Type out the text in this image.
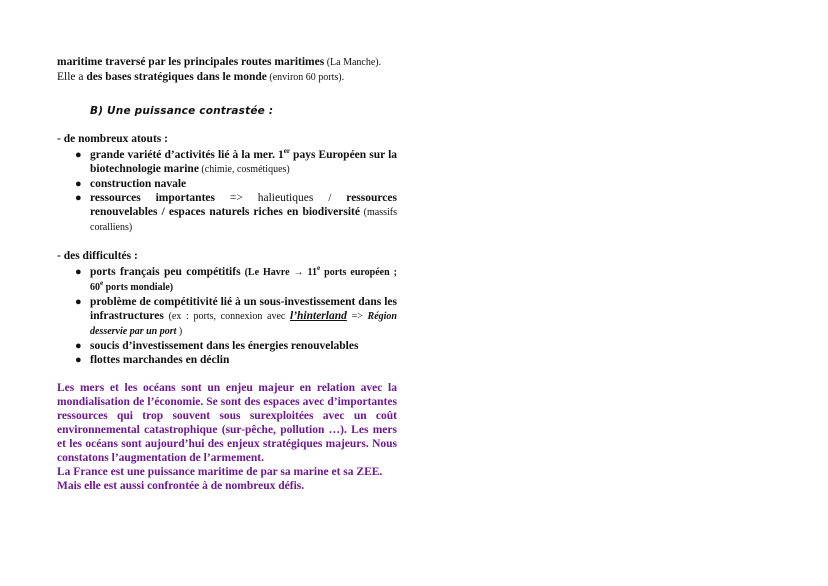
maritime traversé par les principales routes maritimes (La Manche).

Elle a des bases stratégiques dans le monde (environ 60 ports).

B) Une puissance contrastée :

- de nombreux atouts :

● grande variété d’activités lié à la mer. 1er pays Européen sur la biotechnologie marine (chimie, cosmétiques)
● construction navale
● ressources importantes => halieutiques / ressources renouvelables / espaces naturels riches en biodiversité (massifs coralliens)

- des difficultés :

● ports français peu compétitifs (Le Havre → $11^e$ ports européen ; 60e ports mondiale)
● problème de compétitivité lié à un sous-investissement dans les infrastructures (ex : ports, connexion avec l’hinterland => Région desservie par un port )
● soucis d’investissement dans les énergies renouvelables
● flottes marchandes en déclin

Les mers et les océans sont un enjeu majeur en relation avec la mondialisation de l’économie. Se sont des espaces avec d’importantes ressources qui trop souvent sous surexploitées avec un coût environnemental catastrophique (sur-pêche, pollution …). Les mers et les océans sont aujourd’hui des enjeux stratégiques majeurs. Nous constatons l’augmentation de l’armement.

La France est une puissance maritime de par sa marine et sa ZEE.

Mais elle est aussi confrontée à de nombreux défis.
